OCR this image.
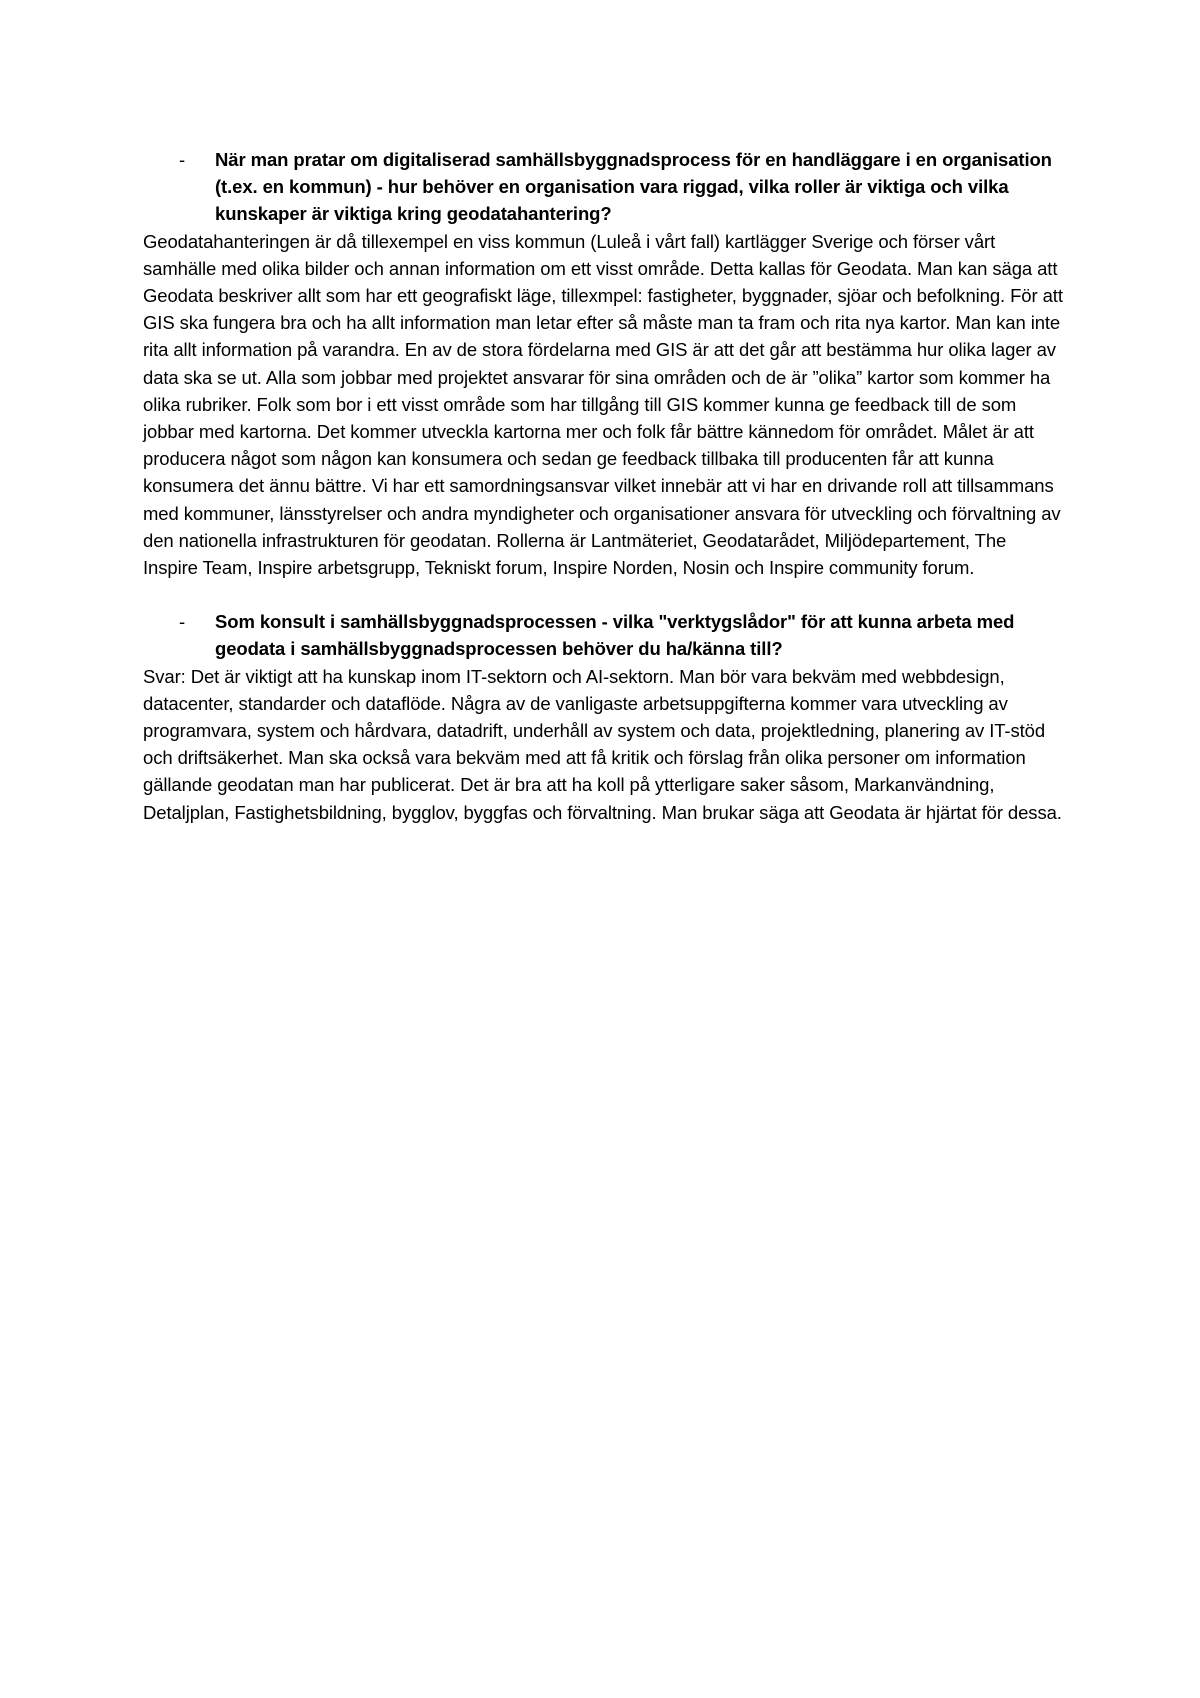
- När man pratar om digitaliserad samhällsbyggnadsprocess för en handläggare i en organisation (t.ex. en kommun) - hur behöver en organisation vara riggad, vilka roller är viktiga och vilka kunskaper är viktiga kring geodatahantering?

Geodatahanteringen är då tillexempel en viss kommun (Luleå i vårt fall) kartlägger Sverige och förser vårt samhälle med olika bilder och annan information om ett visst område. Detta kallas för Geodata. Man kan säga att Geodata beskriver allt som har ett geografiskt läge, tillexmpel: fastigheter, byggnader, sjöar och befolkning. För att GIS ska fungera bra och ha allt information man letar efter så måste man ta fram och rita nya kartor. Man kan inte rita allt information på varandra. En av de stora fördelarna med GIS är att det går att bestämma hur olika lager av data ska se ut. Alla som jobbar med projektet ansvarar för sina områden och de är ”olika” kartor som kommer ha olika rubriker. Folk som bor i ett visst område som har tillgång till GIS kommer kunna ge feedback till de som jobbar med kartorna. Det kommer utveckla kartorna mer och folk får bättre kännedom för området. Målet är att producera något som någon kan konsumera och sedan ge feedback tillbaka till producenten får att kunna konsumera det ännu bättre. Vi har ett samordningsansvar vilket innebär att vi har en drivande roll att tillsammans med kommuner, länsstyrelser och andra myndigheter och organisationer ansvara för utveckling och förvaltning av den nationella infrastrukturen för geodatan. Rollerna är Lantmäteriet, Geodatarådet, Miljödepartement, The Inspire Team, Inspire arbetsgrupp, Tekniskt forum, Inspire Norden, Nosin och Inspire community forum.

- Som konsult i samhällsbyggnadsprocessen - vilka "verktygslådor" för att kunna arbeta med geodata i samhällsbyggnadsprocessen behöver du ha/känna till?

Svar: Det är viktigt att ha kunskap inom IT-sektorn och AI-sektorn. Man bör vara bekväm med webbdesign, datacenter, standarder och dataflöde. Några av de vanligaste arbetsuppgifterna kommer vara utveckling av programvara, system och hårdvara, datadrift, underhåll av system och data, projektledning, planering av IT-stöd och driftsäkerhet. Man ska också vara bekväm med att få kritik och förslag från olika personer om information gällande geodatan man har publicerat. Det är bra att ha koll på ytterligare saker såsom, Markanvändning, Detaljplan, Fastighetsbildning, bygglov, byggfas och förvaltning. Man brukar säga att Geodata är hjärtat för dessa.
